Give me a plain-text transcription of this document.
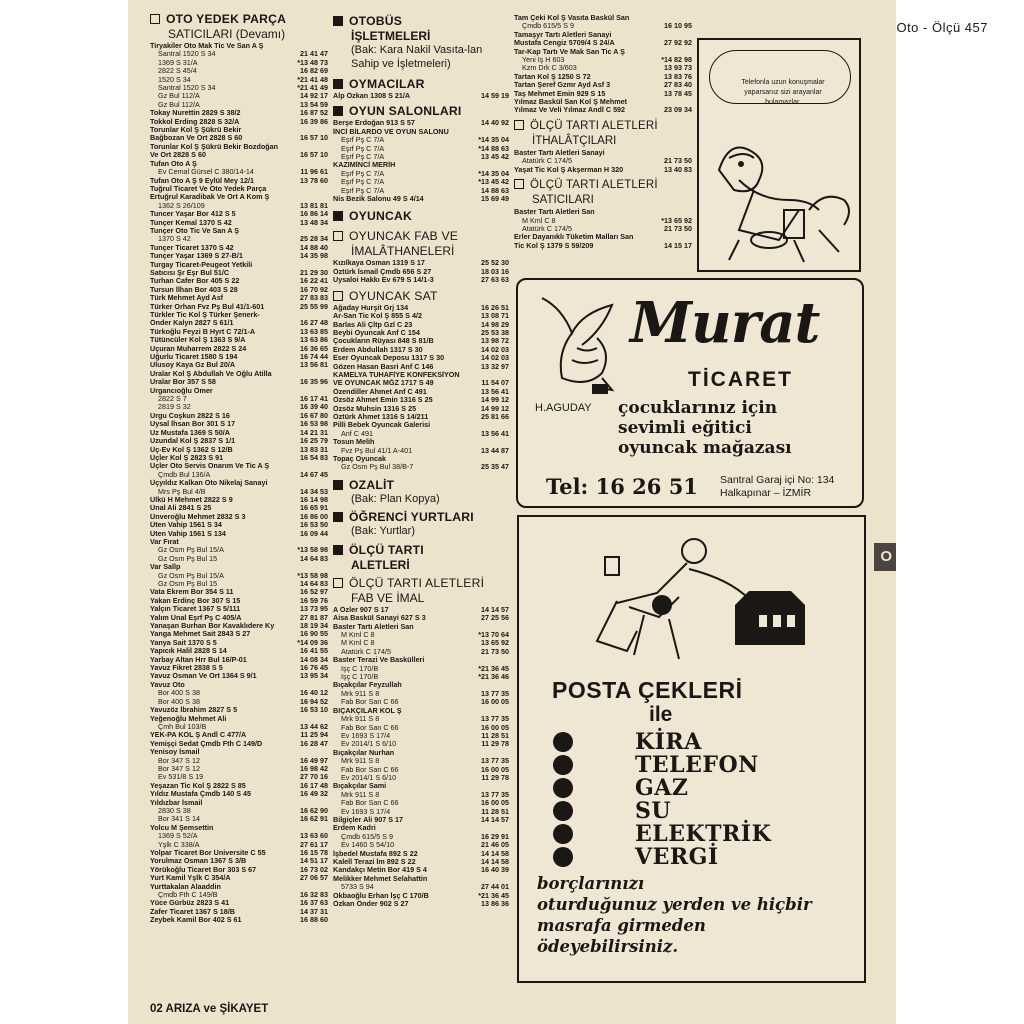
Oto - Ölçü 457
O
OTO YEDEK PARÇA
SATICILARI (Devamı)
Tiryakiler Oto Mak Tic Ve San A Ş
Santral 1520 S 34	21 41 47
1369 S 31/A	*13 48 73
2822 S 45/4	16 82 69
1520 S 34	*21 41 48
Santral 1520 S 34	*21 41 49
Gz Bul 112/A	14 92 17
Gz Bul 112/A	13 54 59
Tokay Nurettin 2829 S 38/2	16 87 52
Tokkol Erding 2828 S 32/A	16 39 86
Torunlar Kol Ş Şükrü Bekir
Bağbozan Ve Ort 2828 S 60	16 57 10
Torunlar Kol Ş Şükrü Bekir Bozdoğan
Ve Ort 2828 S 60	16 57 10
Tufan Oto A Ş
Ev Cemal Gürsel C 380/14-14	11 96 61
Tufan Oto A Ş 9 Eylül Mey 12/1	13 78 60
Tuğrul Ticaret Ve Oto Yedek Parça
Ertuğrul Karadibak Ve Ort A Kom Ş
1362 S 26/109	13 81 81
Tuncer Yaşar Bor 412 S 5	16 86 14
Tunçer Kemal 1370 S 42	13 48 34
Tunçer Oto Tic Ve San A Ş
1370 S 42	25 28 34
Tunçer Ticaret 1370 S 42	14 88 40
Tunçer Yaşar 1369 S 27-B/1	14 35 98
Turgay Ticaret-Peugeot Yetkili
Satıcısı Şr Eşr Bul 51/C	21 29 30
Turhan Cafer Bor 405 S 22	16 22 41
Tursun İlhan Bor 403 S 28	16 70 92
Türk Mehmet Ayd Asf	27 83 83
Türker Orhan Fvz Pş Bul 41/1-601	25 55 99
Türkler Tic Kol Ş Türker Şenerk-
Önder Kalyn 2827 S 61/1	16 27 48
Türkoğlu Feyzi B Hyrt C 72/1-A	13 63 85
Tütüncüler Kol Ş 1363 S 9/A	13 63 86
Uçuran Muharrem 2822 S 24	16 36 65
Uğurlu Ticaret 1580 S 194	16 74 44
Ulusoy Kaya Gz Bul 20/A	13 56 81
Uralar Kol Ş Abdullah Ve Oğlu Atilla
Uralar Bor 357 S 58	16 35 96
Urgancıoğlu Ömer
2822 S 7	16 17 41
2819 S 32	16 39 40
Urgu Coşkun 2822 S 16	16 67 80
Uysal İhsan Bor 301 S 17	16 53 98
Uz Mustafa 1369 S 50/A	14 21 31
Uzundal Kol Ş 2837 S 1/1	16 25 79
Üç-Ev Kol Ş 1362 S 12/B	13 83 31
Üçler Kol Ş 2823 S 91	16 54 83
Üçler Oto Servis Onarım Ve Tic A Ş
Çmdb Bul 136/A	14 67 45
Üçyıldız Kalkan Oto Nikelaj Sanayi
Mrs Pş Bul 4/B	14 34 53
Ülkü H Mehmet 2822 S 9	16 14 98
Ünal Ali 2841 S 25	16 65 91
Ünveroğlu Mehmet 2832 S 3	16 86 00
Üten Vahip 1561 S 34	16 53 50
Üten Vahip 1561 S 134	16 09 44
Var Fırat
Gz Osm Pş Bul 15/A	*13 58 98
Gz Osm Pş Bul 15	14 64 83
Var Sallp
Gz Osm Pş Bul 15/A	*13 58 98
Gz Osm Pş Bul 15	14 64 83
Vata Ekrem Bor 354 S 11	16 52 97
Yakan Erdinç Bor 307 S 15	16 59 76
Yalçın Ticaret 1367 S 5/111	13 73 95
Yalım Ünal Eşrf Pş C 405/A	27 81 87
Yanaşan Burhan Bor Kavaklıdere Ky	18 19 34
Yanga Mehmet Sait 2843 S 27	16 90 55
Yanya Sait 1370 S 5	*14 09 36
Yapıcık Halil 2828 S 14	16 41 55
Yarbay Altan Hrr Bul 16/P-01	14 08 34
Yavuz Fikret 2838 S 5	16 76 45
Yavuz Osman Ve Ort 1364 S 9/1	13 95 34
Yavuz Oto
Bor 400 S 38	16 40 12
Bor 400 S 38	16 94 52
Yavuzöz İbrahim 2827 S 5	16 53 10
Yeğenoğlu Mehmet Ali
Çmh Bul 103/B	13 44 62
YEK-PA KOL Ş Andl C 477/A	11 25 94
Yemişçi Sedat Çmdb Fth C 149/D	16 28 47
Yenisoy İsmail
Bor 347 S 12	16 49 97
Bor 347 S 12	16 98 42
Ev 531/8 S 19	27 70 16
Yeşazan Tic Kol Ş 2822 S 85	16 17 48
Yıldız Mustafa Çmdb 140 S 45	16 49 32
Yıldızbar İsmail
2830 S 38	16 62 90
Bor 341 S 14	16 62 91
Yolcu M Şemsettin
1369 S 52/A	13 63 60
Yşlk C 338/A	27 61 17
Yolpar Ticaret Bor Üniversite C 55	16 15 78
Yorulmaz Osman 1367 S 3/B	14 51 17
Yörükoğlu Ticaret Bor 303 S 67	16 73 02
Yurt Kamil Yşlk C 354/A	27 06 57
Yurttakalan Alaaddin
Çmdb Fth C 149/B	16 32 83
Yüce Gürbüz 2823 S 41	16 37 63
Zafer Ticaret 1367 S 18/B	14 37 31
Zeybek Kamil Bor 402 S 61	16 88 60
OTOBÜS
İŞLETMELERİ
(Bak: Kara Nakil Vasıta-lan Sahip ve İşletmeleri)
OYMACILAR
Alp Özkan 1308 S 21/A	14 59 19
OYUN SALONLARI
Berşe Erdoğan 913 S 57	14 40 92
İNCİ BİLARDO VE OYUN SALONU
Eşrf Pş C 7/A	*14 35 04
Eşrf Pş C 7/A	*14 88 63
Eşrf Pş C 7/A	13 45 42
KAZIMİNCİ MERİH
Eşrf Pş C 7/A	*14 35 04
Eşrf Pş C 7/A	*13 45 42
Eşrf Pş C 7/A	14 88 63
Nis Bezik Salonu 49 S 4/14	15 69 49
OYUNCAK
OYUNCAK FAB VE
İMALÂTHANELERİ
Kızılkaya Osman 1319 S 17	25 52 30
Öztürk İsmail Çmdb 656 S 27	18 03 16
Uysaloi Hakkı Ev 679 S 14/1-3	27 63 63
OYUNCAK SAT
Ağaday Hurşit Grj 134	16 26 51
Ar-San Tic Kol Ş 855 S 4/2	13 08 71
Barlas Ali Çltp Gzl C 23	14 98 29
Beybi Oyuncak Anf C 154	25 53 38
Çocukların Rüyası 848 S 81/B	13 98 72
Erdem Abdullah 1317 S 30	14 02 03
Eser Oyuncak Deposu 1317 S 30	14 02 03
Gözen Hasan Basri Anf C 146	13 32 97
KAMELYA TUHAFİYE KONFEKSİYON
VE OYUNCAK MĞZ 1717 S 49	11 54 07
Özendiller Ahmet Anf C 491	13 56 41
Özsöz Ahmet Emin 1316 S 25	14 99 12
Özsöz Muhsin 1316 S 25	14 99 12
Öztürk Ahmet 1316 S 14/211	25 81 66
Pilli Bebek Oyuncak Galerisi
Anf C 491	13 56 41
Tosun Melih
Fvz Pş Bul 41/1 A-401	13 44 87
Topaç Oyuncak
Gz Osm Pş Bul 38/B-7	25 35 47
OZALİT
(Bak: Plan Kopya)
ÖĞRENCİ YURTLARI
(Bak: Yurtlar)
ÖLÇÜ TARTI
ALETLERİ
ÖLÇÜ TARTI ALETLERİ
FAB VE İMAL
A Özler 907 S 17	14 14 57
Aisa Baskül Sanayi 627 S 3	27 25 56
Baster Tartı Aletleri San
M Kml C 8	*13 70 64
M Kml C 8	13 65 92
Atatürk C 174/5	21 73 50
Baster Terazi Ve Baskülleri
İşç C 170/B	*21 36 45
İşç C 170/B	*21 36 46
Bıçakçılar Feyzullah
Mrk 911 S 8	13 77 35
Fab Bor San C 66	16 00 05
BIÇAKÇILAR KOL Ş
Mrk 911 S 8	13 77 35
Fab Bor San C 66	16 00 05
Ev 1693 S 17/4	11 28 51
Ev 2014/1 S 6/10	11 29 78
Bıçakçılar Nurhan
Mrk 911 S 8	13 77 35
Fab Bor San C 66	16 00 05
Ev 2014/1 S 6/10	11 29 78
Bıçakçılar Sami
Mrk 911 S 8	13 77 35
Fab Bor San C 66	16 00 05
Ev 1693 S 17/4	11 28 51
Bilgiçler Ali 907 S 17	14 14 57
Erdem Kadri
Çmdb 615/5 S 9	16 29 91
Ev 1460 S 54/10	21 46 05
İşbedel Mustafa 892 S 22	14 14 58
Kalell Terazi İm 892 S 22	14 14 58
Kandakçı Metin Bor 419 S 4	16 40 39
Melikker Mehmet Selahattin
5733 S 94	27 44 01
Okbaoğlu Erhan İşç C 170/B	*21 36 45
Özkan Önder 902 S 27	13 86 36
Tam Çeki Kol Ş Vasıta Baskül San
Çmdb 615/5 S 9	16 10 95
Tamaşyr Tartı Aletleri Sanayi
Mustafa Cengiz 5709/4 S 24/A	27 92 92
Tar-Kap Tartı Ve Mak San Tic A Ş
Yeni İş H 603	*14 82 98
Kzm Drk C 3/603	13 93 73
Tartan Kol Ş 1250 S 72	13 83 76
Tartan Şeref Gzmr Ayd Asf 3	27 83 40
Taş Mehmet Emin 929 S 15	13 78 45
Yılmaz Baskül San Kol Ş Mehmet
Yılmaz Ve Veli Yılmaz Andl C 592	23 09 34
ÖLÇÜ TARTI ALETLERİ
İTHALÂTÇILARI
Baster Tartı Aletleri Sanayi
Atatürk C 174/5	21 73 50
Yaşat Tic Kol Ş Akşerman H 320	13 40 83
ÖLÇÜ TARTI ALETLERİ
SATICILARI
Baster Tartı Aletleri San
M Kml C 8	*13 65 92
Atatürk C 174/5	21 73 50
Erler Dayanıklı Tüketim Malları San
Tic Kol Ş 1379 S 59/209	14 15 17
Telefonla uzun konuşmalar yaparsanız sizi arayanlar bulamazlar.
Murat
TİCARET
H.AGUDAY çocuklarınız için
sevimli eğitici
oyuncak mağazası
Tel: 16 26 51 Santral Garaj içi No: 134
Halkapınar – İZMİR
POSTA ÇEKLERİ
ile
KİRA
TELEFON
GAZ
SU
ELEKTRİK
VERGİ
borçlarınızı
oturduğunuz yerden ve hiçbir
masrafa girmeden
ödeyebilirsiniz.
02 ARIZA ve ŞİKAYET
